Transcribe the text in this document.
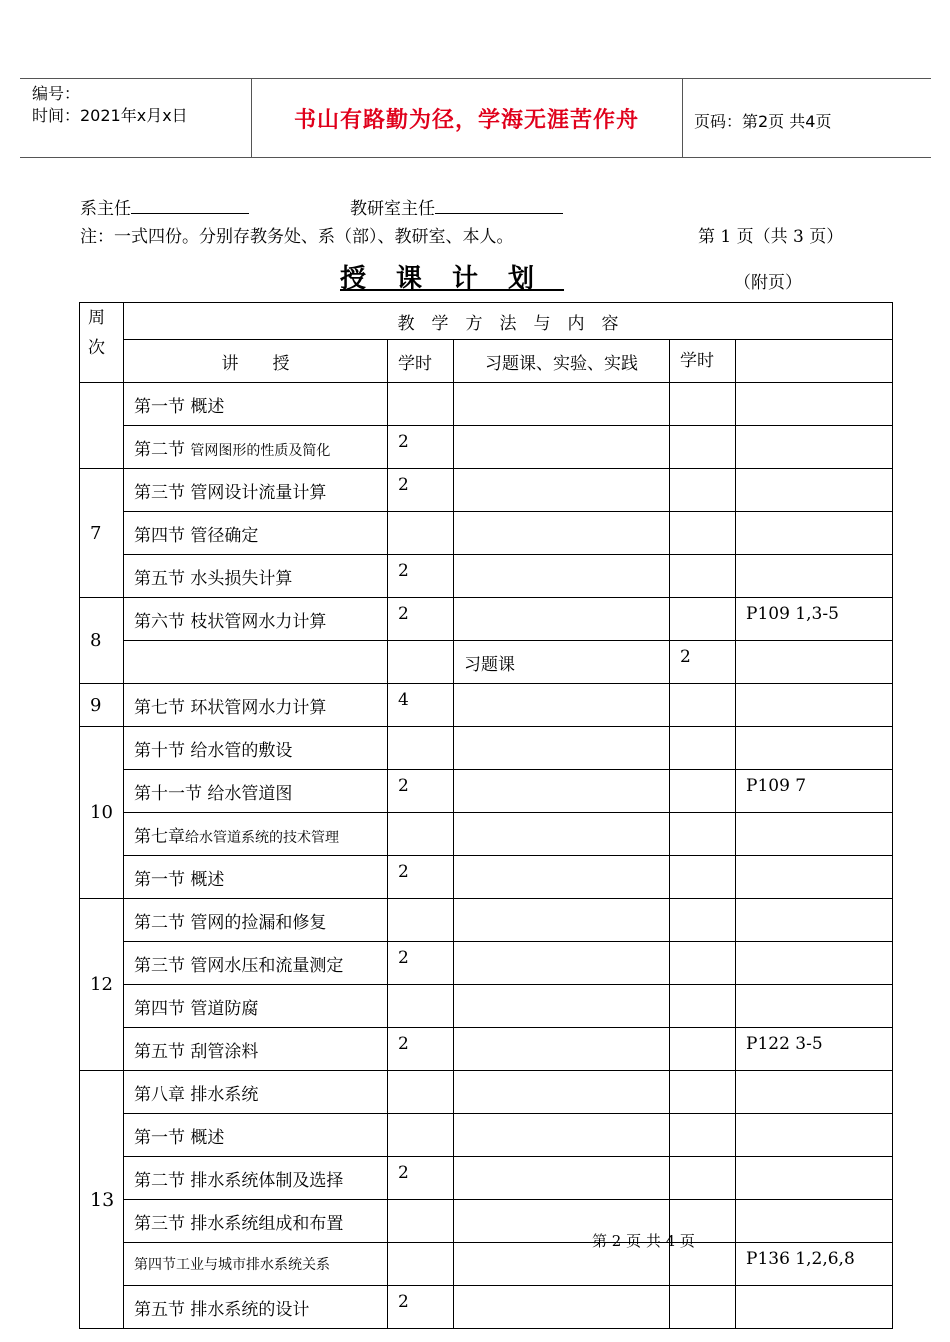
编号：
时间：2021年x月x日	书山有路勤为径，学海无涯苦作舟	页码：第2页 共4页
系主任	教研室主任
注：一式四份。分别存教务处、系（部）、教研室、本人。	第 1 页（共 3 页）
授课计划	（附页）
周次	教　学　方　法　与　内　容				
	讲　　授	学时	习题课、实验、实践	学时	
	第一节 概述				
	第二节 管网图形的性质及简化	2			
7	第三节 管网设计流量计算	2			
	第四节 管径确定				
	第五节 水头损失计算	2			
8	第六节 枝状管网水力计算	2			P109 1,3-5
			习题课	2	
9	第七节 环状管网水力计算	4			
10	第十节 给水管的敷设				
	第十一节 给水管道图	2			P109 7
	第七章给水管道系统的技术管理				
	第一节 概述	2			
12	第二节 管网的捡漏和修复				
	第三节 管网水压和流量测定	2			
	第四节 管道防腐				
	第五节 刮管涂料	2			P122 3-5
13	第八章 排水系统				
	第一节 概述				
	第二节 排水系统体制及选择	2			
	第三节 排水系统组成和布置				
	第四节工业与城市排水系统关系				P136 1,2,6,8
	第五节 排水系统的设计	2			
第 2 页 共 4 页
